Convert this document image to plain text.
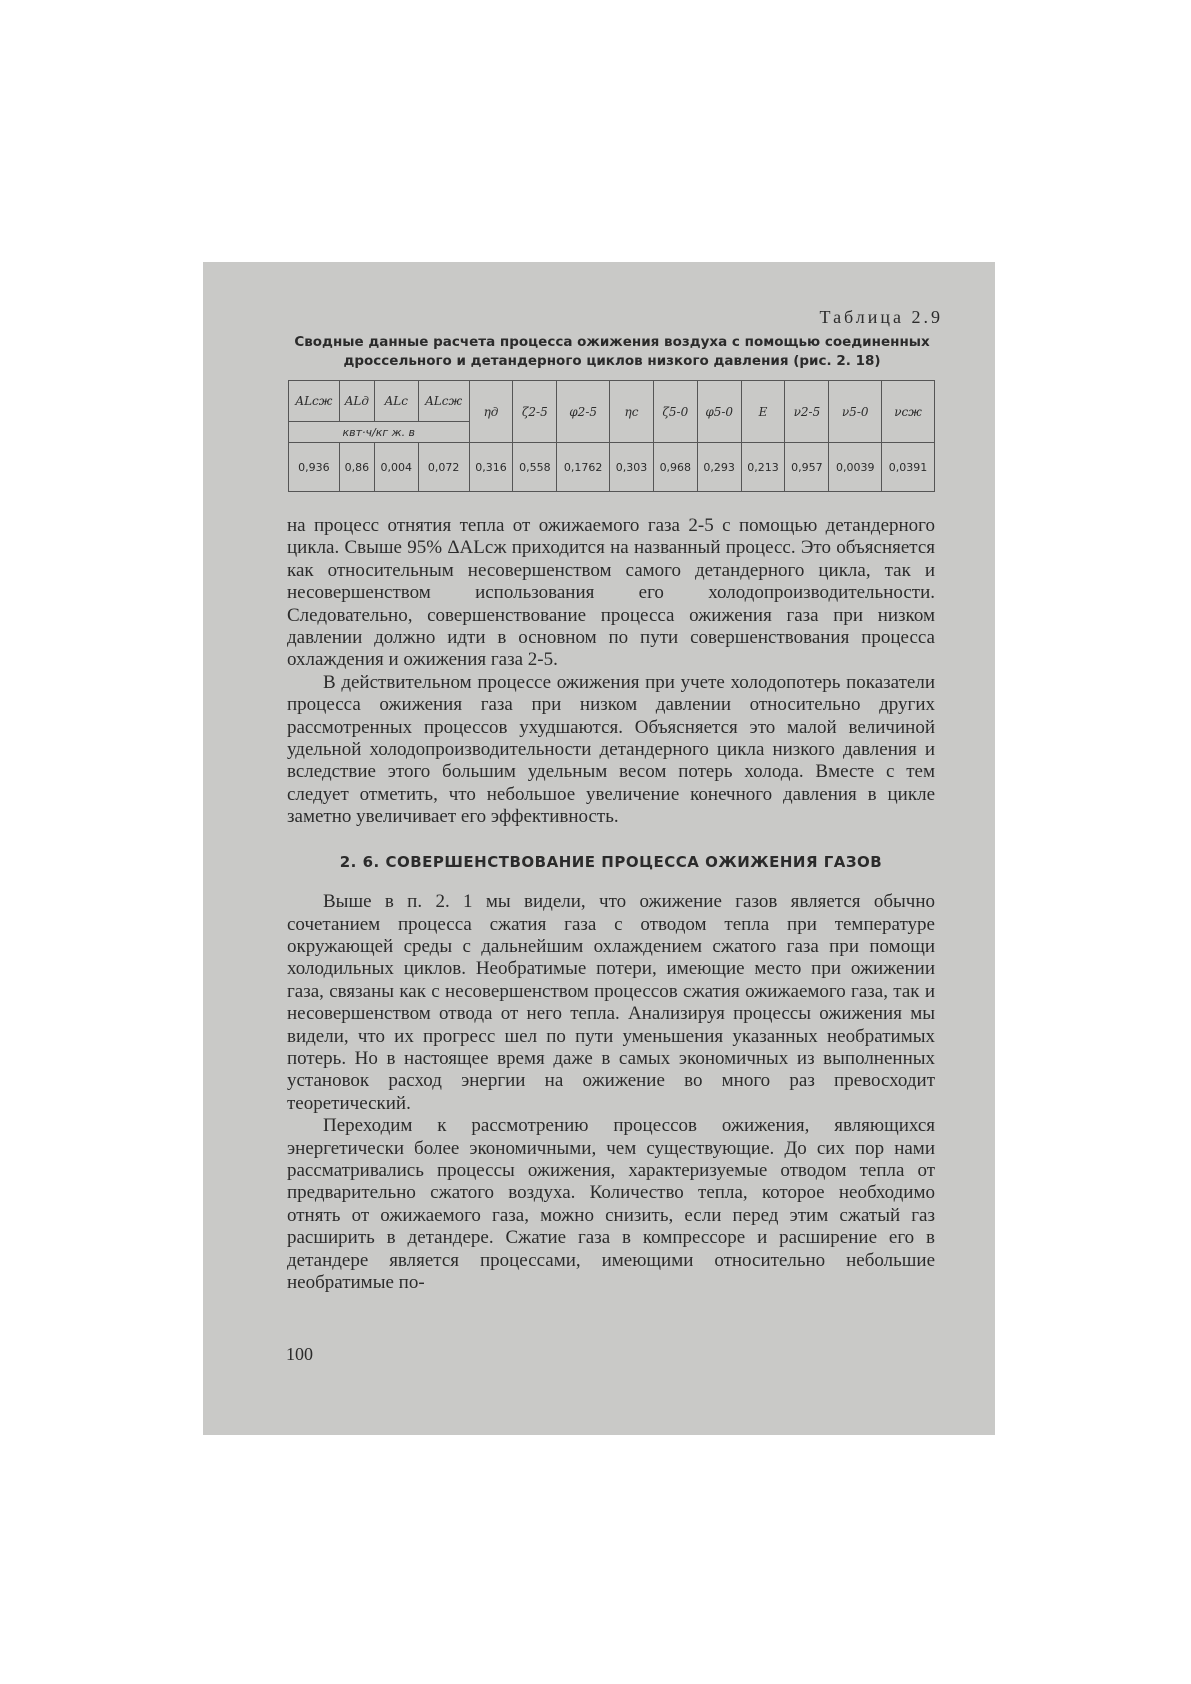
Таблица 2.9
Сводные данные расчета процесса ожижения воздуха с помощью соединенных дроссельного и детандерного циклов низкого давления (рис. 2. 18)
ALсж	ALд	ALс	ALсж	ηд	ζ2-5	φ2-5	ηс	ζ5-0	φ5-0	E	ν2-5	ν5-0	νсж
квт·ч/кг ж. в													
0,936	0,86	0,004	0,072	0,316	0,558	0,1762	0,303	0,968	0,293	0,213	0,957	0,0039	0,0391

на процесс отнятия тепла от ожижаемого газа 2-5 с помощью детандерного цикла. Свыше 95% ΔALсж приходится на названный процесс. Это объясняется как относительным несовершенством самого детандерного цикла, так и несовершенством использования его холодопроизводительности. Следовательно, совершенствование процесса ожижения газа при низком давлении должно идти в основном по пути совершенствования процесса охлаждения и ожижения газа 2-5.

В действительном процессе ожижения при учете холодопотерь показатели процесса ожижения газа при низком давлении относительно других рассмотренных процессов ухудшаются. Объясняется это малой величиной удельной холодопроизводительности детандерного цикла низкого давления и вследствие этого большим удельным весом потерь холода. Вместе с тем следует отметить, что небольшое увеличение конечного давления в цикле заметно увеличивает его эффективность.

2. 6. СОВЕРШЕНСТВОВАНИЕ ПРОЦЕССА ОЖИЖЕНИЯ ГАЗОВ

Выше в п. 2. 1 мы видели, что ожижение газов является обычно сочетанием процесса сжатия газа с отводом тепла при температуре окружающей среды с дальнейшим охлаждением сжатого газа при помощи холодильных циклов. Необратимые потери, имеющие место при ожижении газа, связаны как с несовершенством процессов сжатия ожижаемого газа, так и несовершенством отвода от него тепла. Анализируя процессы ожижения мы видели, что их прогресс шел по пути уменьшения указанных необратимых потерь. Но в настоящее время даже в самых экономичных из выполненных установок расход энергии на ожижение во много раз превосходит теоретический.

Переходим к рассмотрению процессов ожижения, являющихся энергетически более экономичными, чем существующие. До сих пор нами рассматривались процессы ожижения, характеризуемые отводом тепла от предварительно сжатого воздуха. Количество тепла, которое необходимо отнять от ожижаемого газа, можно снизить, если перед этим сжатый газ расширить в детандере. Сжатие газа в компрессоре и расширение его в детандере является процессами, имеющими относительно небольшие необратимые по-

100
